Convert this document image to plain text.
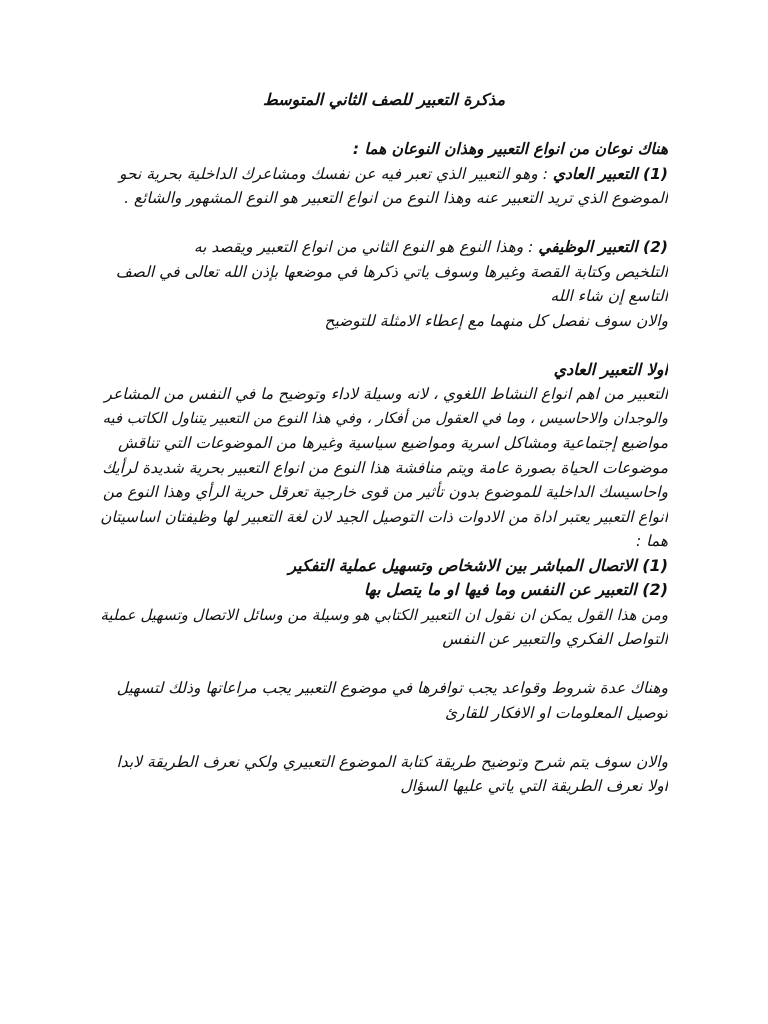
مذكرة التعبير للصف الثاني المتوسط
هناك نوعان من انواع التعبير وهذان النوعان هما :
(1) التعبير العادي : وهو التعبير الذي تعبر فيه عن نفسك ومشاعرك الداخلية بحرية نحو
الموضوع الذي تريد التعبير عنه وهذا النوع من انواع التعبير هو النوع المشهور والشائع .
(2) التعبير الوظيفي : وهذا النوع هو النوع الثاني من انواع التعبير ويقصد به
التلخيص وكتابة القصة وغيرها وسوف ياتي ذكرها في موضعها بإذن الله تعالى في الصف
التاسع إن شاء الله
والان سوف نفصل كل منهما مع إعطاء الامثلة للتوضيح
اولا التعبير العادي
التعبير من اهم انواع النشاط اللغوي ، لانه وسيلة لاداء وتوضيح ما في النفس من المشاعر
والوجدان والاحاسيس ، وما في العقول من أفكار ، وفي هذا النوع من التعبير يتناول الكاتب فيه
مواضيع إجتماعية ومشاكل اسرية ومواضيع سياسية وغيرها من الموضوعات التي تناقش
موضوعات الحياة بصورة عامة ويتم منافشة هذا النوع من انواع التعبير بحرية شديدة لرأيك
واحاسيسك الداخلية للموضوع بدون تأثير من قوى خارجية تعرقل حرية الرأي وهذا النوع من
انواع التعبير يعتبر اداة من الادوات ذات التوصيل الجيد لان لغة التعبير لها وظيفتان اساسيتان
هما :
(1) الاتصال المباشر بين الاشخاص وتسهيل عملية التفكير
(2) التعبير عن النفس وما فيها او ما يتصل بها
ومن هذا القول يمكن ان نقول ان التعبير الكتابي هو وسيلة من وسائل الاتصال وتسهيل عملية
التواصل الفكري والتعبير عن النفس
وهناك عدة شروط وقواعد يجب توافرها في موضوع التعبير يجب مراعاتها وذلك لتسهيل
توصيل المعلومات او الافكار للقارئ
والان سوف يتم شرح وتوضيح طريقة كتابة الموضوع التعبيري ولكي نعرف الطريقة لابدا
اولا نعرف الطريقة التي ياتي عليها السؤال
